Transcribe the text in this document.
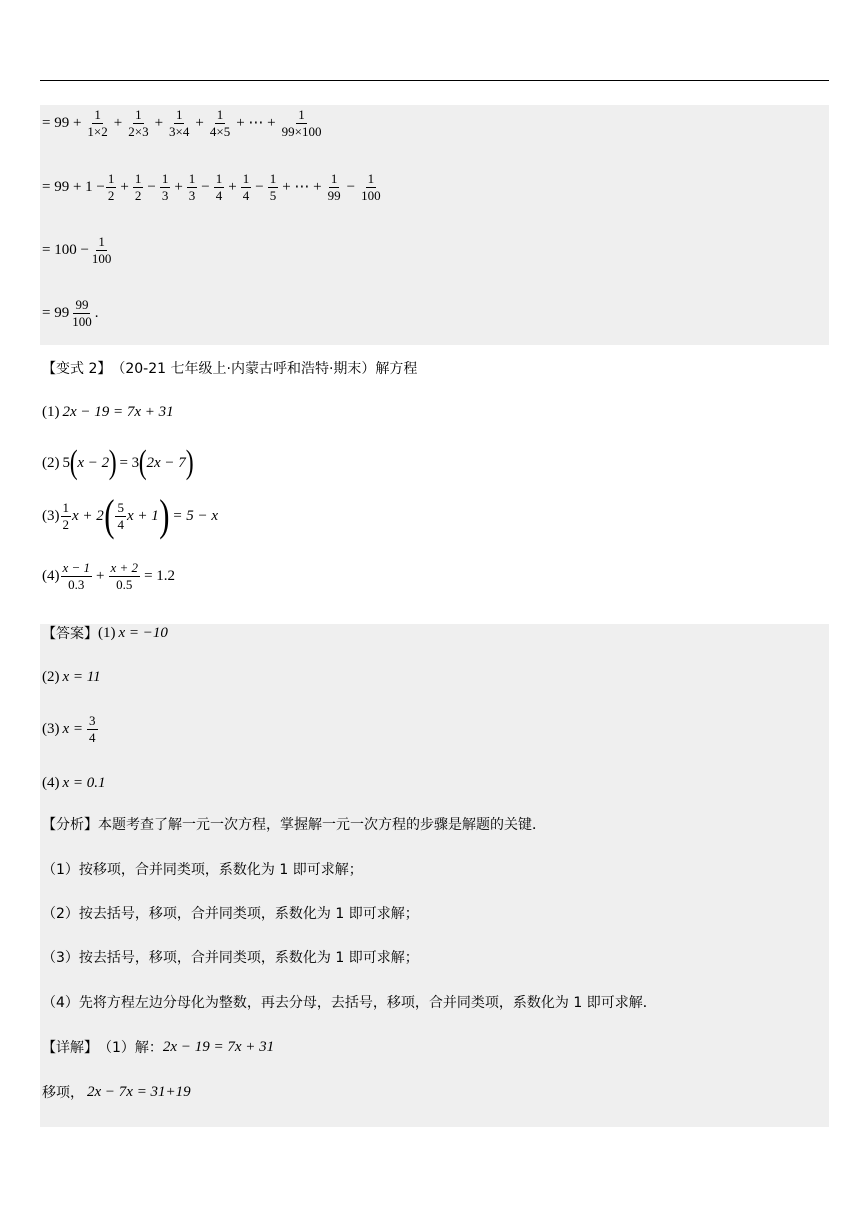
= $99 + \frac{1}{1\times 2} + \frac{1}{2\times 3} + \frac{1}{3\times 4} + \frac{1}{4\times 5}$ + ⋯ + $\frac{1}{99\times 100}$
= $99 + 1 - \frac{1}{2} + \frac{1}{2} - \frac{1}{3} + \frac{1}{3} - \frac{1}{4} + \frac{1}{4} - \frac{1}{5}$ + ⋯ + $\frac{1}{99} - \frac{1}{100}$
= $100 - \frac{1}{100}$
= $99 \frac{99}{100}$ .
【变式 2】 （20-21 七年级上·内蒙古呼和浩特·期末）解方程
(1) 2x − 19 = 7x + 31
(2) 5 ( x − 2 ) = 3 ( 2x − 7 )
$(3) \frac{1}{2}$ x + 2 ( $\frac{5}{4}$ x + 1 ) = 5 − x
$(4) \frac{x - 1}{0.3} + \frac{x + 2}{0.5} = 1.2$
【答案】 (1) x = −10
(2) x = 11
(3) $x = \frac{3}{4}$
(4) x = 0.1
【分析】 本题考查了解一元一次方程，掌握解一元一次方程的步骤是解题的关键．
（1）按移项，合并同类项，系数化为 1 即可求解；
（2）按去括号，移项，合并同类项，系数化为 1 即可求解；
（3）按去括号，移项，合并同类项，系数化为 1 即可求解；
（4）先将方程左边分母化为整数，再去分母，去括号，移项，合并同类项，系数化为 1 即可求解．
【详解】 （1）解： 2x − 19 = 7x + 31
移项， 2x − 7x = 31+19
